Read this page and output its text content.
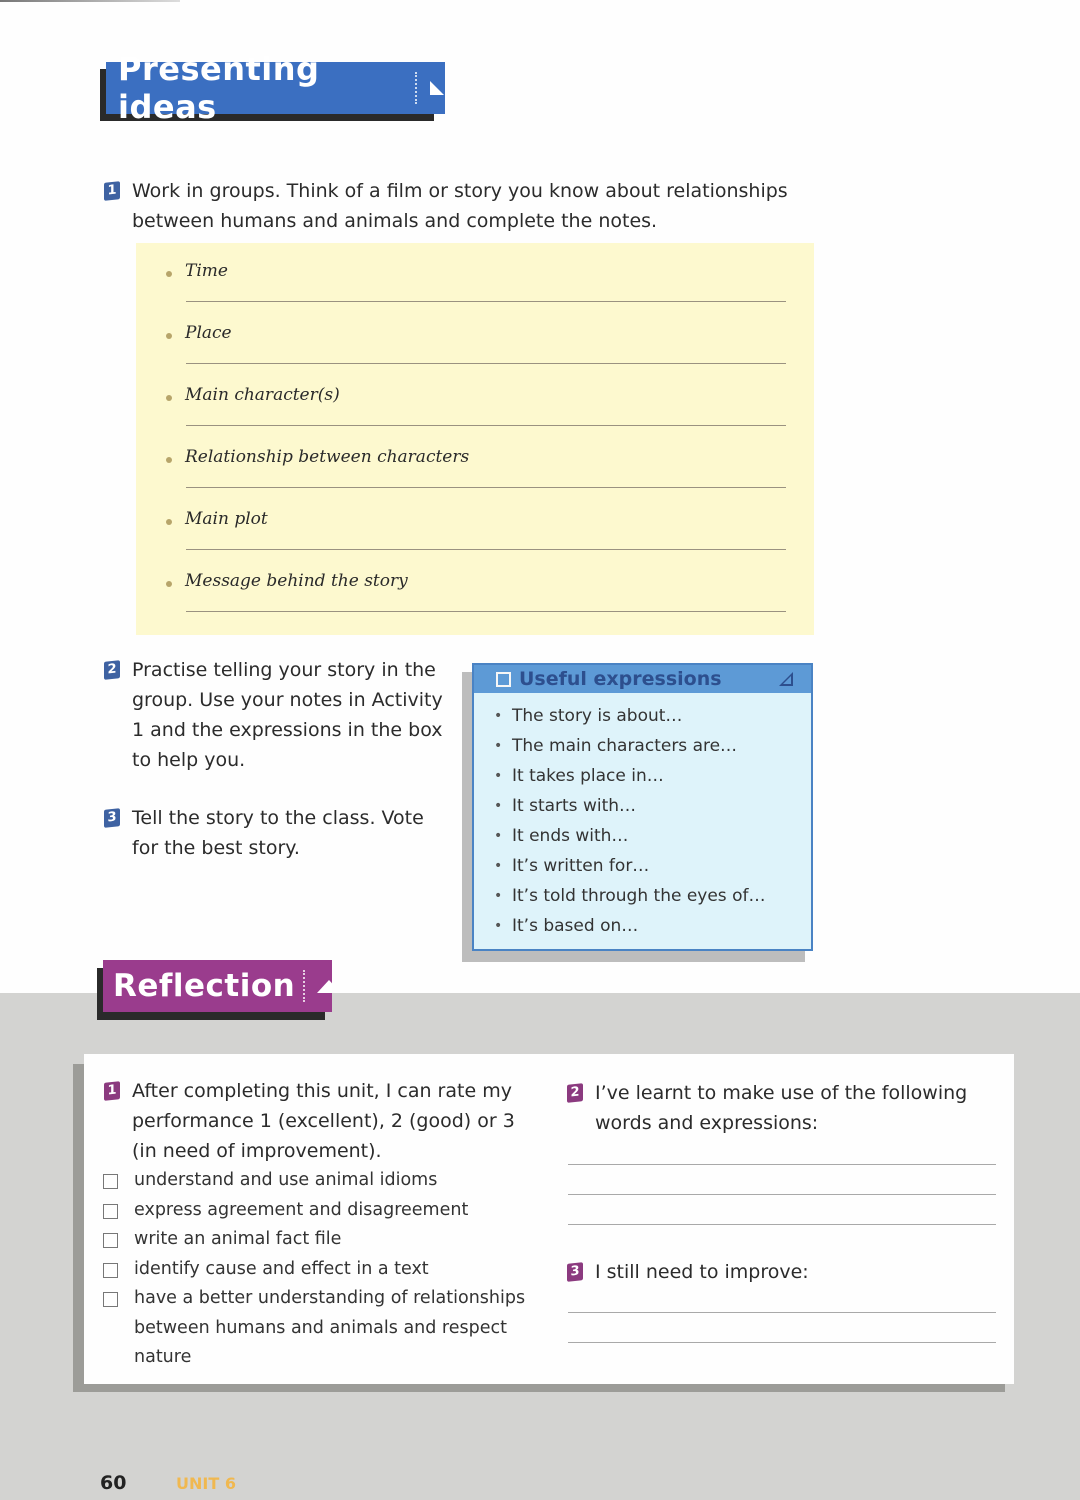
Presenting ideas
1 Work in groups. Think of a film or story you know about relationships between humans and animals and complete the notes.
Time
Place
Main character(s)
Relationship between characters
Main plot
Message behind the story
2 Practise telling your story in the group. Use your notes in Activity 1 and the expressions in the box to help you.
3 Tell the story to the class. Vote for the best story.
Useful expressions
• The story is about…
• The main characters are…
• It takes place in…
• It starts with…
• It ends with…
• It’s written for…
• It’s told through the eyes of…
• It’s based on…
Reflection
1 After completing this unit, I can rate my performance 1 (excellent), 2 (good) or 3 (in need of improvement).
understand and use animal idioms
express agreement and disagreement
write an animal fact file
identify cause and effect in a text
have a better understanding of relationships
between humans and animals and respect nature
2 I’ve learnt to make use of the following words and expressions:
3 I still need to improve:
60	UNIT 6
